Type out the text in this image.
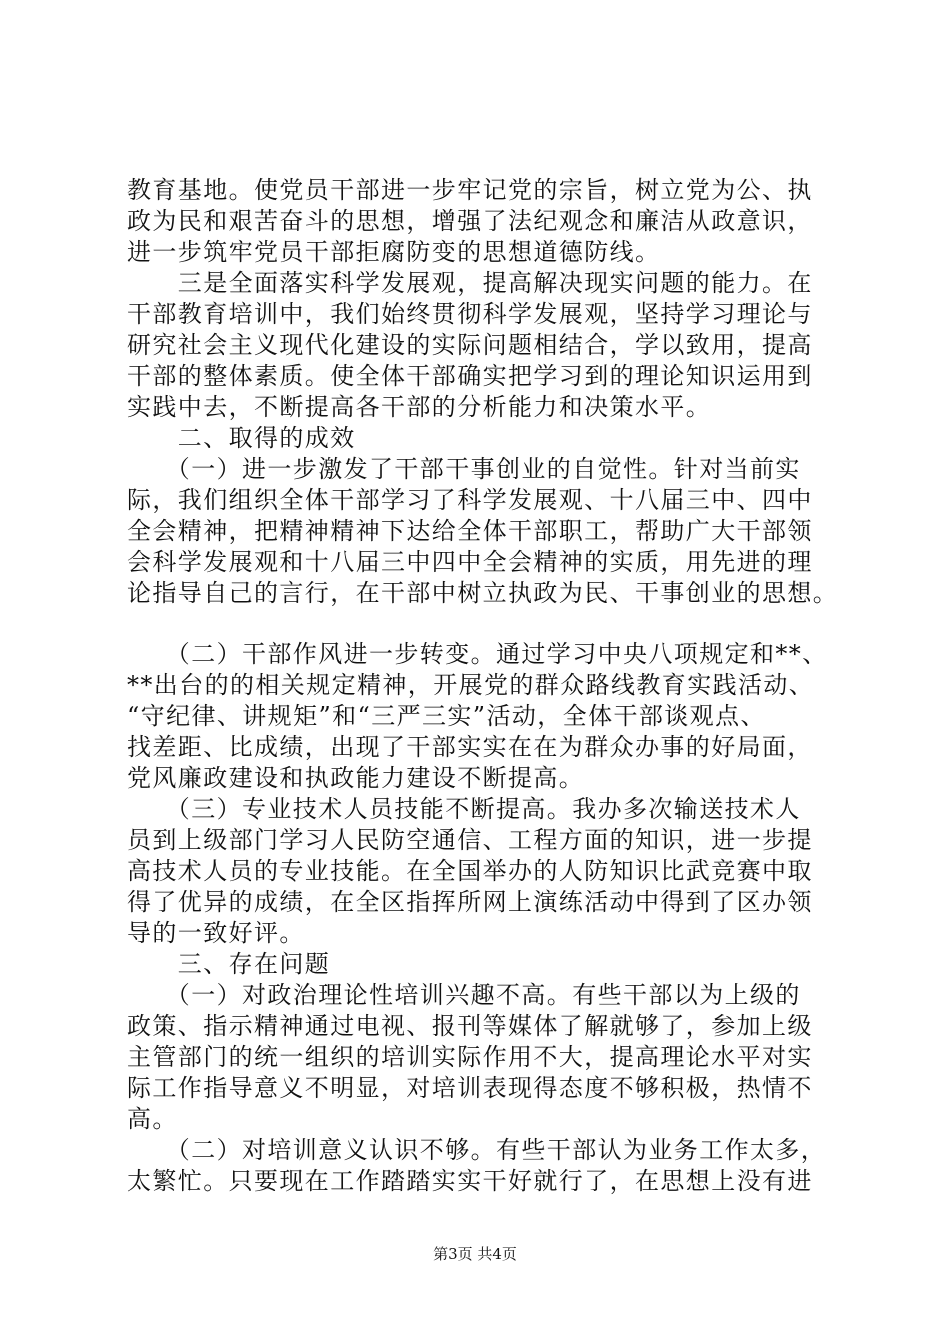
教育基地。使党员干部进一步牢记党的宗旨，树立党为公、执
政为民和艰苦奋斗的思想，增强了法纪观念和廉洁从政意识，
进一步筑牢党员干部拒腐防变的思想道德防线。
　　三是全面落实科学发展观，提高解决现实问题的能力。在
干部教育培训中，我们始终贯彻科学发展观，坚持学习理论与
研究社会主义现代化建设的实际问题相结合，学以致用，提高
干部的整体素质。使全体干部确实把学习到的理论知识运用到
实践中去，不断提高各干部的分析能力和决策水平。
　　二、取得的成效
　　（一）进一步激发了干部干事创业的自觉性。针对当前实
际，我们组织全体干部学习了科学发展观、十八届三中、四中
全会精神，把精神精神下达给全体干部职工，帮助广大干部领
会科学发展观和十八届三中四中全会精神的实质，用先进的理
论指导自己的言行，在干部中树立执政为民、干事创业的思想。
　　（二）干部作风进一步转变。通过学习中央八项规定和**、
**出台的的相关规定精神，开展党的群众路线教育实践活动、
“守纪律、讲规矩”和“三严三实”活动，全体干部谈观点、
找差距、比成绩，出现了干部实实在在为群众办事的好局面，
党风廉政建设和执政能力建设不断提高。
　　（三）专业技术人员技能不断提高。我办多次输送技术人
员到上级部门学习人民防空通信、工程方面的知识，进一步提
高技术人员的专业技能。在全国举办的人防知识比武竞赛中取
得了优异的成绩，在全区指挥所网上演练活动中得到了区办领
导的一致好评。
　　三、存在问题
　　（一）对政治理论性培训兴趣不高。有些干部以为上级的
政策、指示精神通过电视、报刊等媒体了解就够了，参加上级
主管部门的统一组织的培训实际作用不大，提高理论水平对实
际工作指导意义不明显，对培训表现得态度不够积极，热情不
高。
　　（二）对培训意义认识不够。有些干部认为业务工作太多，
太繁忙。只要现在工作踏踏实实干好就行了，在思想上没有进
第3页 共4页
